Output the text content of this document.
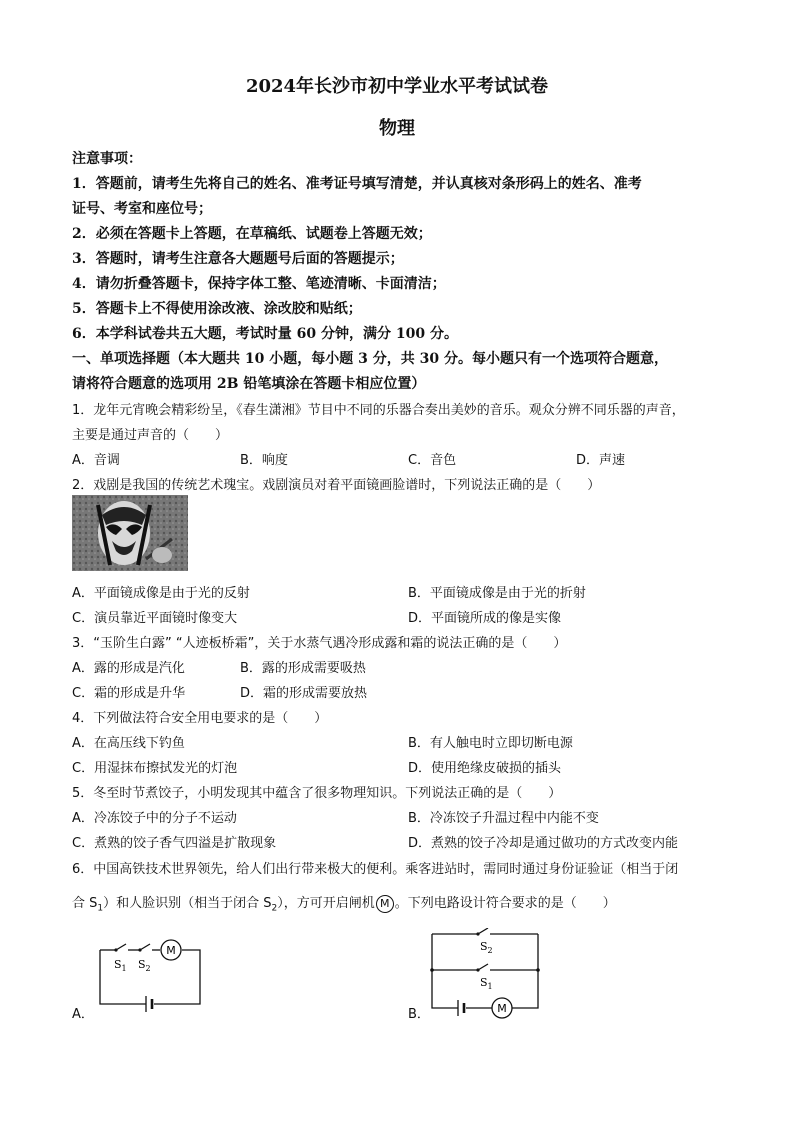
2024年长沙市初中学业水平考试试卷
物理
注意事项：
1．答题前，请考生先将自己的姓名、准考证号填写清楚，并认真核对条形码上的姓名、准考
证号、考室和座位号；
2．必须在答题卡上答题，在草稿纸、试题卷上答题无效；
3．答题时，请考生注意各大题题号后面的答题提示；
4．请勿折叠答题卡，保持字体工整、笔迹清晰、卡面清洁；
5．答题卡上不得使用涂改液、涂改胶和贴纸；
6．本学科试卷共五大题，考试时量 60 分钟，满分 100 分。
一、单项选择题（本大题共 10 小题，每小题 3 分，共 30 分。每小题只有一个选项符合题意，
请将符合题意的选项用 2B 铅笔填涂在答题卡相应位置）
1．龙年元宵晚会精彩纷呈，《春生潇湘》节目中不同的乐器合奏出美妙的音乐。观众分辨不同乐器的声音，
主要是通过声音的（　　）
A．音调	B．响度	C．音色	D．声速
2．戏剧是我国的传统艺术瑰宝。戏剧演员对着平面镜画脸谱时，下列说法正确的是（　　）
A．平面镜成像是由于光的反射	B．平面镜成像是由于光的折射
C．演员靠近平面镜时像变大	D．平面镜所成的像是实像
3．“玉阶生白露” “人迹板桥霜”，关于水蒸气遇冷形成露和霜的说法正确的是（　　）
A．露的形成是汽化	B．露的形成需要吸热
C．霜的形成是升华	D．霜的形成需要放热
4．下列做法符合安全用电要求的是（　　）
A．在高压线下钓鱼	B．有人触电时立即切断电源
C．用湿抹布擦拭发光的灯泡	D．使用绝缘皮破损的插头
5．冬至时节煮饺子，小明发现其中蕴含了很多物理知识。下列说法正确的是（　　）
A．冷冻饺子中的分子不运动	B．冷冻饺子升温过程中内能不变
C．煮熟的饺子香气四溢是扩散现象	D．煮熟的饺子冷却是通过做功的方式改变内能
6．中国高铁技术世界领先，给人们出行带来极大的便利。乘客进站时，需同时通过身份证验证（相当于闭
合 $S_1$）和人脸识别（相当于闭合 $S_2$），方可开启闸机 M 。下列电路设计符合要求的是（　　）
A．
M
$S_1$ $S_2$
B．	M
$S_2$
$S_1$
